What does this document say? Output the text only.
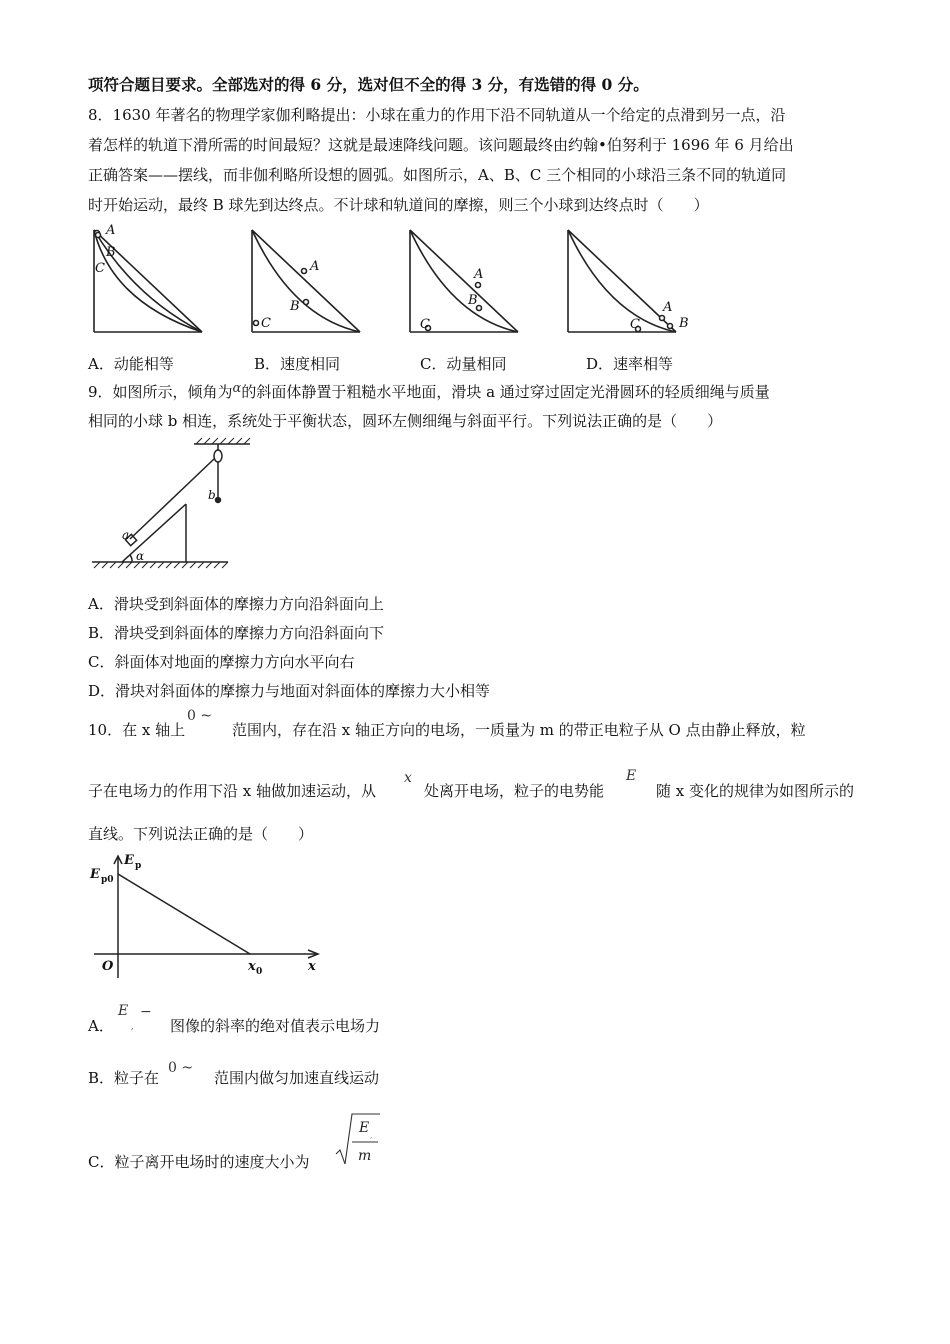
项符合题目要求。全部选对的得 6 分，选对但不全的得 3 分，有选错的得 0 分。
8．1630 年著名的物理学家伽利略提出：小球在重力的作用下沿不同轨道从一个给定的点滑到另一点，沿
着怎样的轨道下滑所需的时间最短？这就是最速降线问题。该问题最终由约翰•伯努利于 1696 年 6 月给出
正确答案——摆线，而非伽利略所设想的圆弧。如图所示，A、B、C 三个相同的小球沿三条不同的轨道同
时开始运动，最终 B 球先到达终点。不计球和轨道间的摩擦，则三个小球到达终点时（　　）
A
B
C	A
B
C
A
B
C
A
B
C
A．动能相等	B．速度相同	C．动量相同	D．速率相等
9．如图所示，倾角为α的斜面体静置于粗糙水平地面，滑块 a 通过穿过固定光滑圆环的轻质细绳与质量
相同的小球 b 相连，系统处于平衡状态，圆环左侧细绳与斜面平行。下列说法正确的是（　　）
a
b
α
A．滑块受到斜面体的摩擦力方向沿斜面向上
B．滑块受到斜面体的摩擦力方向沿斜面向下
C．斜面体对地面的摩擦力方向水平向右
D．滑块对斜面体的摩擦力与地面对斜面体的摩擦力大小相等
10．在 x 轴上
0 ~
范围内，存在沿 x 轴正方向的电场，一质量为 m 的带正电粒子从 O 点由静止释放，粒
子在电场力的作用下沿 x 轴做加速运动，从
x
处离开电场，粒子的电势能
E
随 x 变化的规律为如图所示的
直线。下列说法正确的是（　　）
E p
E p0
O	x 0	x
A．
E
,
−
图像的斜率的绝对值表示电场力
B．粒子在
0 ~
范围内做匀加速直线运动
C．粒子离开电场时的速度大小为
E ,
m
